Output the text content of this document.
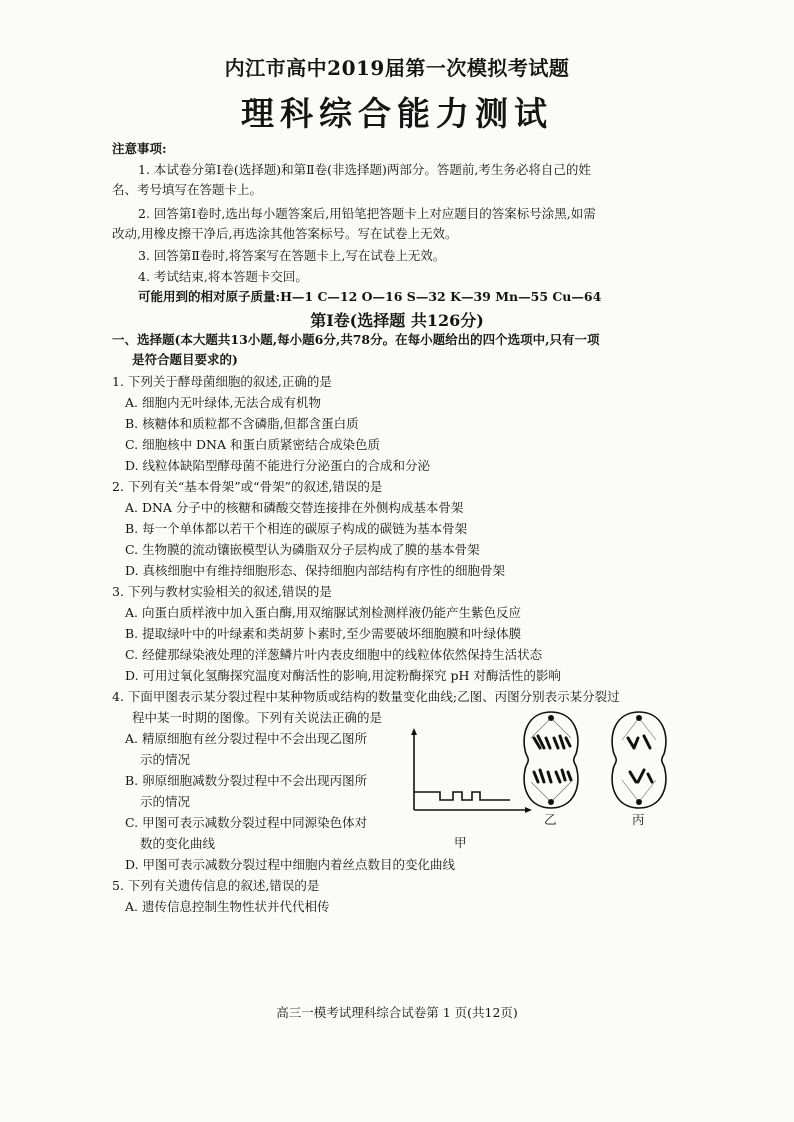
内江市高中2019届第一次模拟考试题
理科综合能力测试
注意事项:
1. 本试卷分第Ⅰ卷(选择题)和第Ⅱ卷(非选择题)两部分。答题前,考生务必将自己的姓
名、考号填写在答题卡上。
2. 回答第Ⅰ卷时,选出每小题答案后,用铅笔把答题卡上对应题目的答案标号涂黑,如需
改动,用橡皮擦干净后,再选涂其他答案标号。写在试卷上无效。
3. 回答第Ⅱ卷时,将答案写在答题卡上,写在试卷上无效。
4. 考试结束,将本答题卡交回。
可能用到的相对原子质量:H—1 C—12 O—16 S—32 K—39 Mn—55 Cu—64
第Ⅰ卷(选择题 共126分)
一、选择题(本大题共13小题,每小题6分,共78分。在每小题给出的四个选项中,只有一项
是符合题目要求的)
1. 下列关于酵母菌细胞的叙述,正确的是
A. 细胞内无叶绿体,无法合成有机物
B. 核糖体和质粒都不含磷脂,但都含蛋白质
C. 细胞核中 DNA 和蛋白质紧密结合成染色质
D. 线粒体缺陷型酵母菌不能进行分泌蛋白的合成和分泌
2. 下列有关“基本骨架”或“骨架”的叙述,错误的是
A. DNA 分子中的核糖和磷酸交替连接排在外侧构成基本骨架
B. 每一个单体都以若干个相连的碳原子构成的碳链为基本骨架
C. 生物膜的流动镶嵌模型认为磷脂双分子层构成了膜的基本骨架
D. 真核细胞中有维持细胞形态、保持细胞内部结构有序性的细胞骨架
3. 下列与教材实验相关的叙述,错误的是
A. 向蛋白质样液中加入蛋白酶,用双缩脲试剂检测样液仍能产生紫色反应
B. 提取绿叶中的叶绿素和类胡萝卜素时,至少需要破坏细胞膜和叶绿体膜
C. 经健那绿染液处理的洋葱鳞片叶内表皮细胞中的线粒体依然保持生活状态
D. 可用过氧化氢酶探究温度对酶活性的影响,用淀粉酶探究 pH 对酶活性的影响
4. 下面甲图表示某分裂过程中某种物质或结构的数量变化曲线;乙图、丙图分别表示某分裂过
程中某一时期的图像。下列有关说法正确的是
A. 精原细胞有丝分裂过程中不会出现乙图所
示的情况
B. 卵原细胞减数分裂过程中不会出现丙图所
示的情况
C. 甲图可表示减数分裂过程中同源染色体对
数的变化曲线
D. 甲图可表示减数分裂过程中细胞内着丝点数目的变化曲线
甲
乙	丙
5. 下列有关遗传信息的叙述,错误的是
A. 遗传信息控制生物性状并代代相传
高三一模考试理科综合试卷第 1 页(共12页)
